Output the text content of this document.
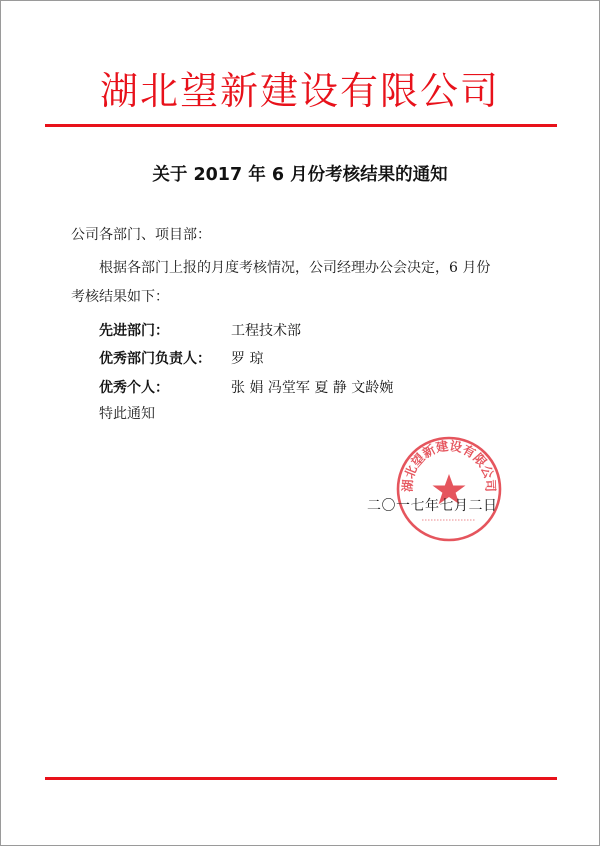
湖北望新建设有限公司
关于 2017 年 6 月份考核结果的通知
公司各部门、项目部：
根据各部门上报的月度考核情况，公司经理办公会决定，6 月份
考核结果如下：
先进部门：	工程技术部
优秀部门负责人： 罗 琼
优秀个人：	张 娟 冯堂军 夏 静 文龄婉
特此通知
湖北望新建设有限公司
二〇一七年七月二日
